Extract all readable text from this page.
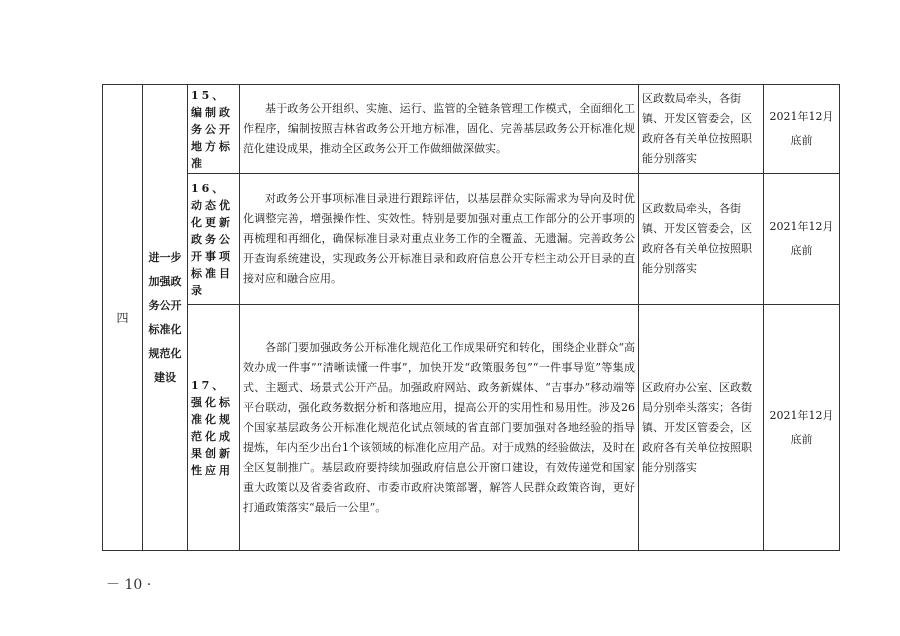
四	进一步加强政务公开标准化规范化建设	15、编制政务公开地方标准	基于政务公开组织、实施、运行、监管的全链条管理工作模式，全面细化工作程序，编制按照吉林省政务公开地方标准，固化、完善基层政务公开标准化规范化建设成果，推动全区政务公开工作做细做深做实。	区政数局牵头，各街镇、开发区管委会，区政府各有关单位按照职能分别落实	2021年12月底前
		16、动态优化更新政务公开事项标准目录	对政务公开事项标准目录进行跟踪评估，以基层群众实际需求为导向及时优化调整完善，增强操作性、实效性。特别是要加强对重点工作部分的公开事项的再梳理和再细化，确保标准目录对重点业务工作的全覆盖、无遗漏。完善政务公开查询系统建设，实现政务公开标准目录和政府信息公开专栏主动公开目录的直接对应和融合应用。	区政数局牵头，各街镇、开发区管委会，区政府各有关单位按照职能分别落实	2021年12月底前
		17、强化标准化规范化成果创新性应用	各部门要加强政务公开标准化规范化工作成果研究和转化，围绕企业群众“高效办成一件事”“清晰读懂一件事”，加快开发“政策服务包”“一件事导览”等集成式、主题式、场景式公开产品。加强政府网站、政务新媒体、“吉事办”移动端等平台联动，强化政务数据分析和落地应用，提高公开的实用性和易用性。涉及26个国家基层政务公开标准化规范化试点领域的省直部门要加强对各地经验的指导提炼，年内至少出台1个该领域的标准化应用产品。对于成熟的经验做法，及时在全区复制推广。基层政府要持续加强政府信息公开窗口建设，有效传递党和国家重大政策以及省委省政府、市委市政府决策部署，解答人民群众政策咨询，更好打通政策落实“最后一公里”。	区政府办公室、区政数局分别牵头落实；各街镇、开发区管委会，区政府各有关单位按照职能分别落实	2021年12月底前
－ 10 ·
